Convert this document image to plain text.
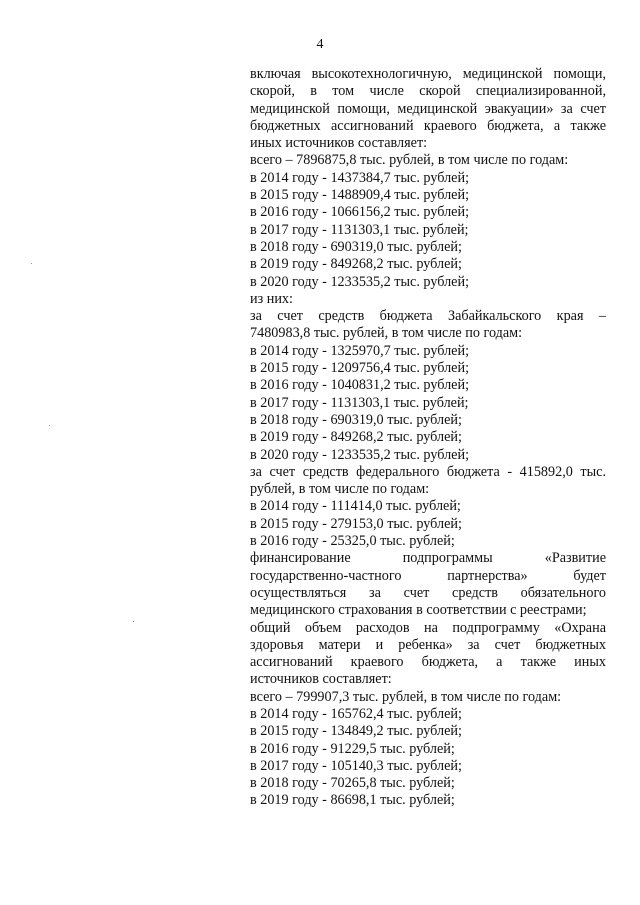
4
включая высокотехнологичную, медицинской помощи,
скорой, в том числе скорой специализированной,
медицинской помощи, медицинской эвакуации» за счет
бюджетных ассигнований краевого бюджета, а также
иных источников составляет:
всего – 7896875,8 тыс. рублей, в том числе по годам:
в 2014 году - 1437384,7 тыс. рублей;
в 2015 году - 1488909,4 тыс. рублей;
в 2016 году - 1066156,2 тыс. рублей;
в 2017 году - 1131303,1 тыс. рублей;
в 2018 году - 690319,0 тыс. рублей;
в 2019 году - 849268,2 тыс. рублей;
в 2020 году - 1233535,2 тыс. рублей;
из них:
за счет средств бюджета Забайкальского края –
7480983,8 тыс. рублей, в том числе по годам:
в 2014 году - 1325970,7 тыс. рублей;
в 2015 году - 1209756,4 тыс. рублей;
в 2016 году - 1040831,2 тыс. рублей;
в 2017 году - 1131303,1 тыс. рублей;
в 2018 году - 690319,0 тыс. рублей;
в 2019 году - 849268,2 тыс. рублей;
в 2020 году - 1233535,2 тыс. рублей;
за счет средств федерального бюджета - 415892,0 тыс.
рублей, в том числе по годам:
в 2014 году - 111414,0 тыс. рублей;
в 2015 году - 279153,0 тыс. рублей;
в 2016 году - 25325,0 тыс. рублей;
финансирование подпрограммы «Развитие
государственно-частного партнерства» будет
осуществляться за счет средств обязательного
медицинского страхования в соответствии с реестрами;
общий объем расходов на подпрограмму «Охрана
здоровья матери и ребенка» за счет бюджетных
ассигнований краевого бюджета, а также иных
источников составляет:
всего – 799907,3 тыс. рублей, в том числе по годам:
в 2014 году - 165762,4 тыс. рублей;
в 2015 году - 134849,2 тыс. рублей;
в 2016 году - 91229,5 тыс. рублей;
в 2017 году - 105140,3 тыс. рублей;
в 2018 году - 70265,8 тыс. рублей;
в 2019 году - 86698,1 тыс. рублей;
